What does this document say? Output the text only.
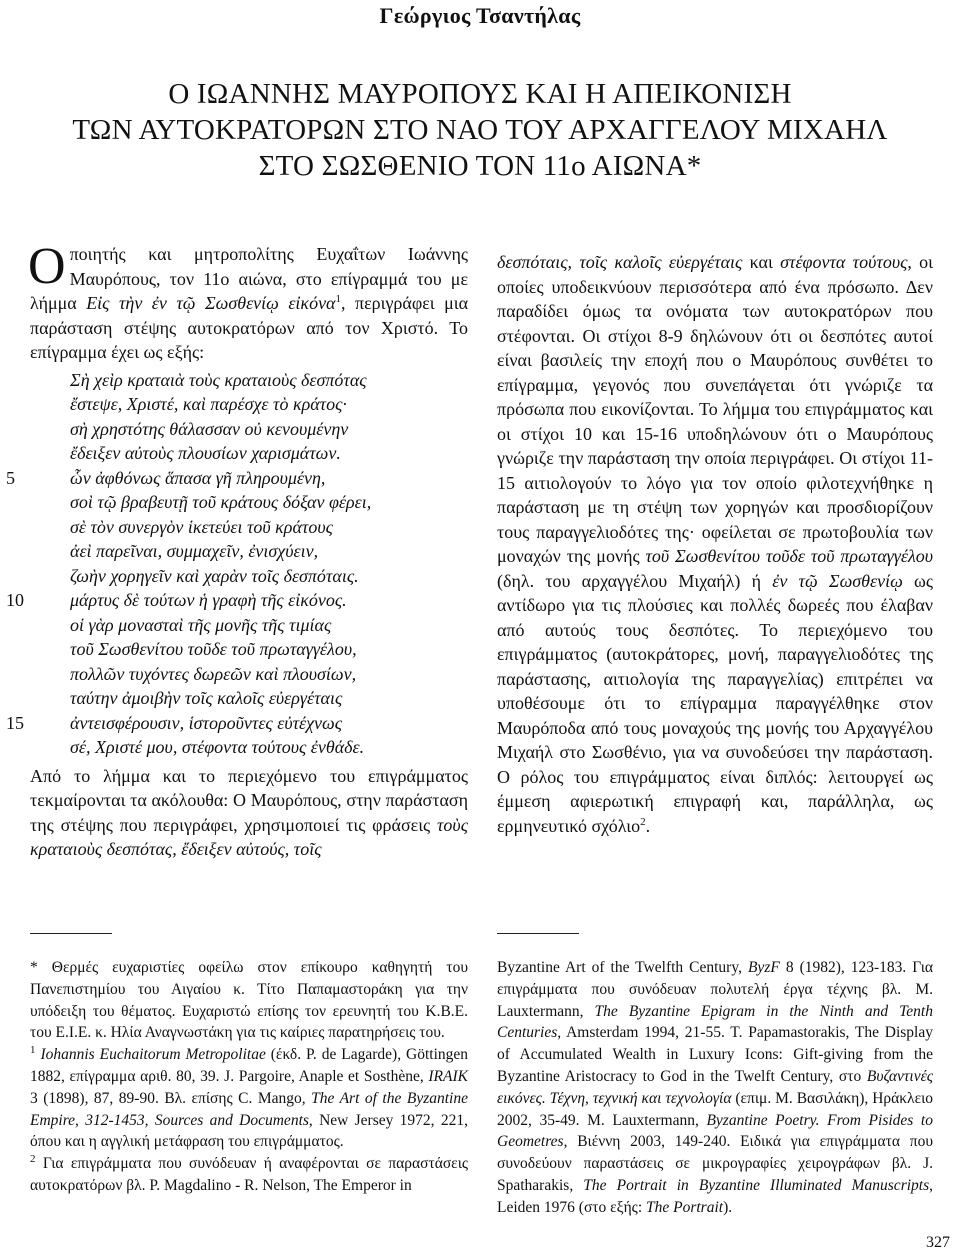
Γεώργιος Τσαντήλας
Ο ΙΩΑΝΝΗΣ ΜΑΥΡΟΠΟΥΣ ΚΑΙ Η ΑΠΕΙΚΟΝΙΣΗ
ΤΩΝ ΑΥΤΟΚΡΑΤΟΡΩΝ ΣΤΟ ΝΑΟ ΤΟΥ ΑΡΧΑΓΓΕΛΟΥ ΜΙΧΑΗΛ
ΣΤΟ ΣΩΣΘΕΝΙΟ ΤΟΝ 11ο ΑΙΩΝΑ*

Ο ποιητής και μητροπολίτης Ευχαΐτων Ιωάννης Μαυρόπους, τον 11ο αιώνα, στο επίγραμμά του με λήμμα Εἰς τὴν ἐν τῷ Σωσθενίῳ εἰκόνα$^1$, περιγράφει μια παράσταση στέψης αυτοκρατόρων από τον Χριστό. Το επίγραμμα έχει ως εξής:

Σὴ χεὶρ κραταιὰ τοὺς κραταιοὺς δεσπότας
ἔστεψε, Χριστέ, καὶ παρέσχε τὸ κράτος·
σὴ χρηστότης θάλασσαν οὐ κενουμένην
ἔδειξεν αὐτοὺς πλουσίων χαρισμάτων.
5	ὧν ἀφθόνως ἅπασα γῆ πληρουμένη,
σοὶ τῷ βραβευτῇ τοῦ κράτους δόξαν φέρει,
σὲ τὸν συνεργὸν ἱκετεύει τοῦ κράτους
ἀεὶ παρεῖναι, συμμαχεῖν, ἐνισχύειν,
ζωὴν χορηγεῖν καὶ χαρὰν τοῖς δεσπόταις.
10	μάρτυς δὲ τούτων ἡ γραφὴ τῆς εἰκόνος.
οἱ γὰρ μονασταὶ τῆς μονῆς τῆς τιμίας
τοῦ Σωσθενίτου τοῦδε τοῦ πρωταγγέλου,
πολλῶν τυχόντες δωρεῶν καὶ πλουσίων,
ταύτην ἀμοιβὴν τοῖς καλοῖς εὐεργέταις
15	ἀντεισφέρουσιν, ἱστοροῦντες εὐτέχνως
σέ, Χριστέ μου, στέφοντα τούτους ἐνθάδε.

Από το λήμμα και το περιεχόμενο του επιγράμματος τεκμαίρονται τα ακόλουθα: Ο Μαυρόπους, στην παράσταση της στέψης που περιγράφει, χρησιμοποιεί τις φράσεις τοὺς κραταιοὺς δεσπότας, ἔδειξεν αὐτούς, τοῖς

δεσπόταις, τοῖς καλοῖς εὐεργέταις και στέφοντα τούτους, οι οποίες υποδεικνύουν περισσότερα από ένα πρόσωπο. Δεν παραδίδει όμως τα ονόματα των αυτοκρατόρων που στέφονται. Οι στίχοι 8-9 δηλώνουν ότι οι δεσπότες αυτοί είναι βασιλείς την εποχή που ο Μαυρόπους συνθέτει το επίγραμμα, γεγονός που συνεπάγεται ότι γνώριζε τα πρόσωπα που εικονίζονται. Το λήμμα του επιγράμματος και οι στίχοι 10 και 15-16 υποδηλώνουν ότι ο Μαυρόπους γνώριζε την παράσταση την οποία περιγράφει. Οι στίχοι 11-15 αιτιολογούν το λόγο για τον οποίο φιλοτεχνήθηκε η παράσταση με τη στέψη των χορηγών και προσδιορίζουν τους παραγγελιοδότες της· οφείλεται σε πρωτοβουλία των μοναχών της μονής τοῦ Σωσθενίτου τοῦδε τοῦ πρωταγγέλου (δηλ. του αρχαγγέλου Μιχαήλ) ή ἐν τῷ Σωσθενίῳ ως αντίδωρο για τις πλούσιες και πολλές δωρεές που έλαβαν από αυτούς τους δεσπότες. Το περιεχόμενο του επιγράμματος (αυτοκράτορες, μονή, παραγγελιοδότες της παράστασης, αιτιολογία της παραγγελίας) επιτρέπει να υποθέσουμε ότι το επίγραμμα παραγγέλθηκε στον Μαυρόποδα από τους μοναχούς της μονής του Αρχαγγέλου Μιχαήλ στο Σωσθένιο, για να συνοδεύσει την παράσταση. Ο ρόλος του επιγράμματος είναι διπλός: λειτουργεί ως έμμεση αφιερωτική επιγραφή και, παράλληλα, ως ερμηνευτικό σχόλιο$^2$.

* Θερμές ευχαριστίες οφείλω στον επίκουρο καθηγητή του Πανεπιστημίου του Αιγαίου κ. Τίτο Παπαμαστοράκη για την υπόδειξη του θέματος. Ευχαριστώ επίσης τον ερευνητή του Κ.Β.Ε. του Ε.Ι.Ε. κ. Ηλία Αναγνωστάκη για τις καίριες παρατηρήσεις του.

$^1$ Iohannis Euchaitorum Metropolitae (έκδ. P. de Lagarde), Göttingen 1882, επίγραμμα αριθ. 80, 39. J. Pargoire, Anaple et Sosthène, IRAIK 3 (1898), 87, 89-90. Βλ. επίσης C. Mango, The Art of the Byzantine Empire, 312-1453, Sources and Documents, New Jersey 1972, 221, όπου και η αγγλική μετάφραση του επιγράμματος.

$^2$ Για επιγράμματα που συνόδευαν ή αναφέρονται σε παραστάσεις αυτοκρατόρων βλ. P. Magdalino - R. Nelson, The Emperor in

Byzantine Art of the Twelfth Century, ByzF 8 (1982), 123-183. Για επιγράμματα που συνόδευαν πολυτελή έργα τέχνης βλ. M. Lauxtermann, The Byzantine Epigram in the Ninth and Tenth Centuries, Amsterdam 1994, 21-55. T. Papamastorakis, The Display of Accumulated Wealth in Luxury Icons: Gift-giving from the Byzantine Aristocracy to God in the Twelft Century, στο Βυζαντινές εικόνες. Τέχνη, τεχνική και τεχνολογία (επιμ. Μ. Βασιλάκη), Ηράκλειο 2002, 35-49. M. Lauxtermann, Byzantine Poetry. From Pisides to Geometres, Βιέννη 2003, 149-240. Ειδικά για επιγράμματα που συνοδεύουν παραστάσεις σε μικρογραφίες χειρογράφων βλ. J. Spatharakis, The Portrait in Byzantine Illuminated Manuscripts, Leiden 1976 (στο εξής: The Portrait).

327
